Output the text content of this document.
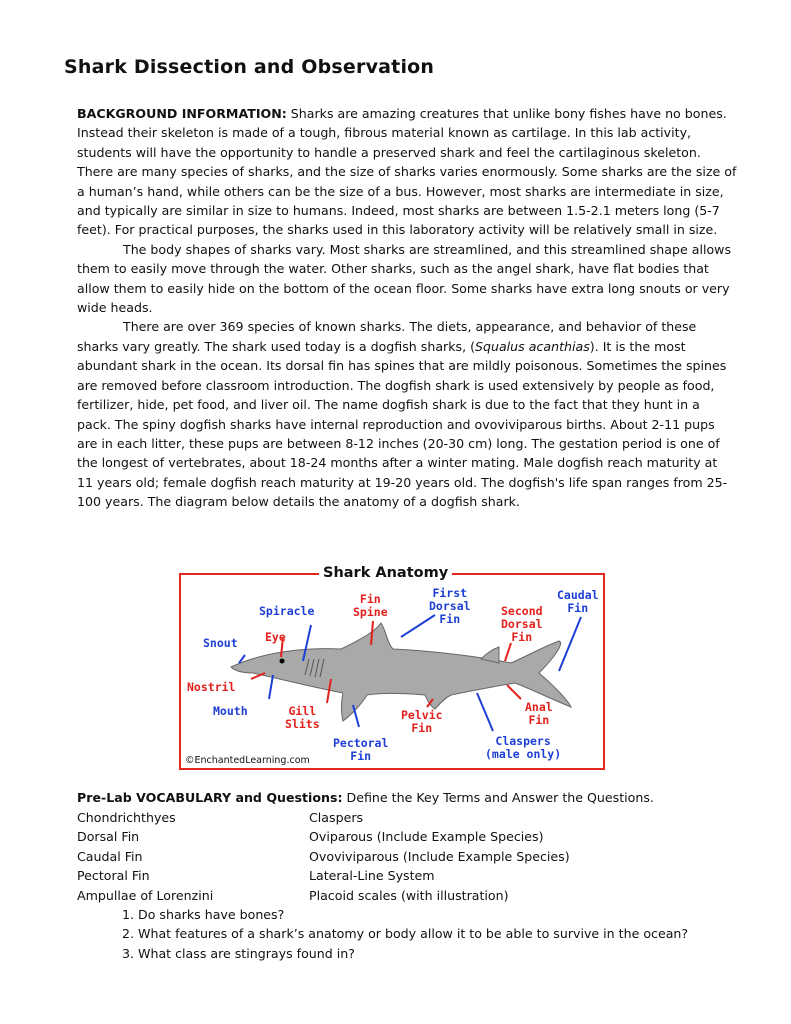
Shark Dissection and Observation

BACKGROUND INFORMATION: Sharks are amazing creatures that unlike bony fishes have no bones. Instead their skeleton is made of a tough, fibrous material known as cartilage. In this lab activity, students will have the opportunity to handle a preserved shark and feel the cartilaginous skeleton. There are many species of sharks, and the size of sharks varies enormously. Some sharks are the size of a human’s hand, while others can be the size of a bus. However, most sharks are intermediate in size, and typically are similar in size to humans. Indeed, most sharks are between 1.5-2.1 meters long (5-7 feet). For practical purposes, the sharks used in this laboratory activity will be relatively small in size.

The body shapes of sharks vary. Most sharks are streamlined, and this streamlined shape allows them to easily move through the water. Other sharks, such as the angel shark, have flat bodies that allow them to easily hide on the bottom of the ocean floor. Some sharks have extra long snouts or very wide heads.

There are over 369 species of known sharks. The diets, appearance, and behavior of these sharks vary greatly. The shark used today is a dogfish sharks, (Squalus acanthias). It is the most abundant shark in the ocean. Its dorsal fin has spines that are mildly poisonous. Sometimes the spines are removed before classroom introduction. The dogfish shark is used extensively by people as food, fertilizer, hide, pet food, and liver oil. The name dogfish shark is due to the fact that they hunt in a pack. The spiny dogfish sharks have internal reproduction and ovoviviparous births. About 2-11 pups are in each litter, these pups are between 8-12 inches (20-30 cm) long. The gestation period is one of the longest of vertebrates, about 18-24 months after a winter mating. Male dogfish reach maturity at 11 years old; female dogfish reach maturity at 19-20 years old. The dogfish's life span ranges from 25-100 years. The diagram below details the anatomy of a dogfish shark.

Shark Anatomy
Snout
Spiracle
Eye
Fin
Spine
First
Dorsal
Fin
Second
Dorsal
Fin
Caudal
Fin
Nostril
Mouth	Gill
Slits
Pectoral
Fin
Pelvic
Fin
Claspers
(male only)
Anal
Fin
©EnchantedLearning.com
Pre-Lab VOCABULARY and Questions: Define the Key Terms and Answer the Questions.
Chondrichthyes	Claspers
Dorsal Fin	Oviparous (Include Example Species)
Caudal Fin	Ovoviviparous (Include Example Species)
Pectoral Fin	Lateral-Line System
Ampullae of Lorenzini	Placoid scales (with illustration)
1. Do sharks have bones?
2. What features of a shark’s anatomy or body allow it to be able to survive in the ocean?
3. What class are stingrays found in?
